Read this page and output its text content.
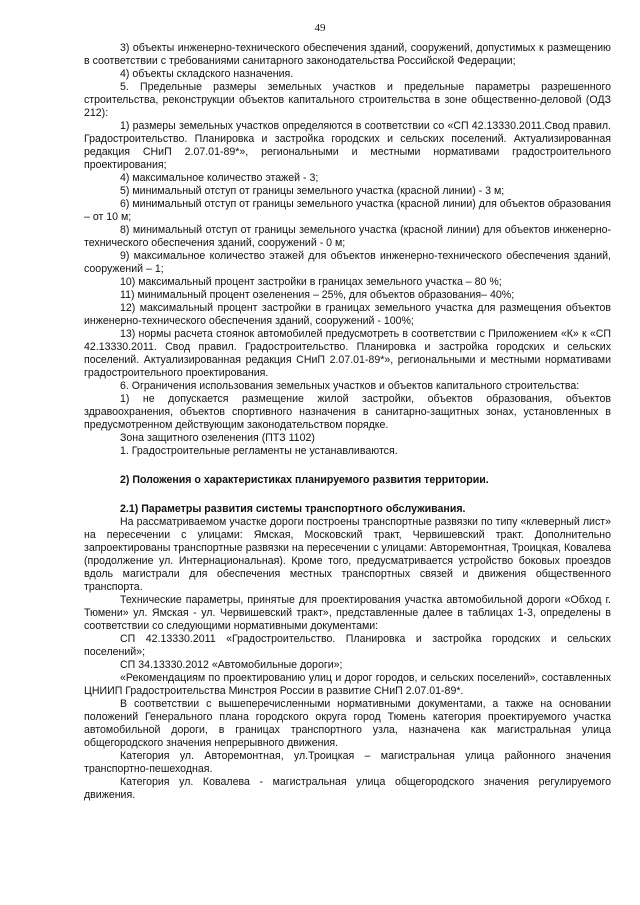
49

3) объекты инженерно-технического обеспечения зданий, сооружений, допустимых к размещению в соответствии с требованиями санитарного законодательства Российской Федерации;

4) объекты складского назначения.

5. Предельные размеры земельных участков и предельные параметры разрешенного строительства, реконструкции объектов капитального строительства в зоне общественно-деловой (ОДЗ 212):

1) размеры земельных участков определяются в соответствии со «СП 42.13330.2011.Свод правил. Градостроительство. Планировка и застройка городских и сельских поселений. Актуализированная редакция СНиП 2.07.01-89*», региональными и местными нормативами градостроительного проектирования;

4) максимальное количество этажей - 3;

5) минимальный отступ от границы земельного участка (красной линии) - 3 м;

6) минимальный отступ от границы земельного участка (красной линии) для объектов образования – от 10 м;

8) минимальный отступ от границы земельного участка (красной линии) для объектов инженерно-технического обеспечения зданий, сооружений - 0 м;

9) максимальное количество этажей для объектов инженерно-технического обеспечения зданий, сооружений – 1;

10) максимальный процент застройки в границах земельного участка – 80 %;

11) минимальный процент озеленения – 25%, для объектов образования– 40%;

12) максимальный процент застройки в границах земельного участка для размещения объектов инженерно-технического обеспечения зданий, сооружений - 100%;

13) нормы расчета стоянок автомобилей предусмотреть в соответствии с Приложением «К» к «СП 42.13330.2011. Свод правил. Градостроительство. Планировка и застройка городских и сельских поселений. Актуализированная редакция СНиП 2.07.01-89*», региональными и местными нормативами градостроительного проектирования.

6. Ограничения использования земельных участков и объектов капитального строительства:

1) не допускается размещение жилой застройки, объектов образования, объектов здравоохранения, объектов спортивного назначения в санитарно-защитных зонах, установленных в предусмотренном действующим законодательством порядке.

Зона защитного озеленения (ПТЗ 1102)

1. Градостроительные регламенты не устанавливаются.

2) Положения о характеристиках планируемого развития территории.

2.1) Параметры развития системы транспортного обслуживания.

На рассматриваемом участке дороги построены транспортные развязки по типу «клеверный лист» на пересечении с улицами: Ямская, Московский тракт, Червишевский тракт. Дополнительно запроектированы транспортные развязки на пересечении с улицами: Авторемонтная, Троицкая, Ковалева (продолжение ул. Интернациональная). Кроме того, предусматривается устройство боковых проездов вдоль магистрали для обеспечения местных транспортных связей и движения общественного транспорта.

Технические параметры, принятые для проектирования участка автомобильной дороги «Обход г. Тюмени» ул. Ямская - ул. Червишевский тракт», представленные далее в таблицах 1-3, определены в соответствии со следующими нормативными документами:

СП 42.13330.2011 «Градостроительство. Планировка и застройка городских и сельских поселений»;

СП 34.13330.2012 «Автомобильные дороги»;

«Рекомендациям по проектированию улиц и дорог городов, и сельских поселений», составленных ЦНИИП Градостроительства Минстроя России в развитие СНиП 2.07.01-89*.

В соответствии с вышеперечисленными нормативными документами, а также на основании положений Генерального плана городского округа город Тюмень категория проектируемого участка автомобильной дороги, в границах транспортного узла, назначена как магистральная улица общегородского значения непрерывного движения.

Категория ул. Авторемонтная, ул.Троицкая – магистральная улица районного значения транспортно-пешеходная.

Категория ул. Ковалева - магистральная улица общегородского значения регулируемого движения.
